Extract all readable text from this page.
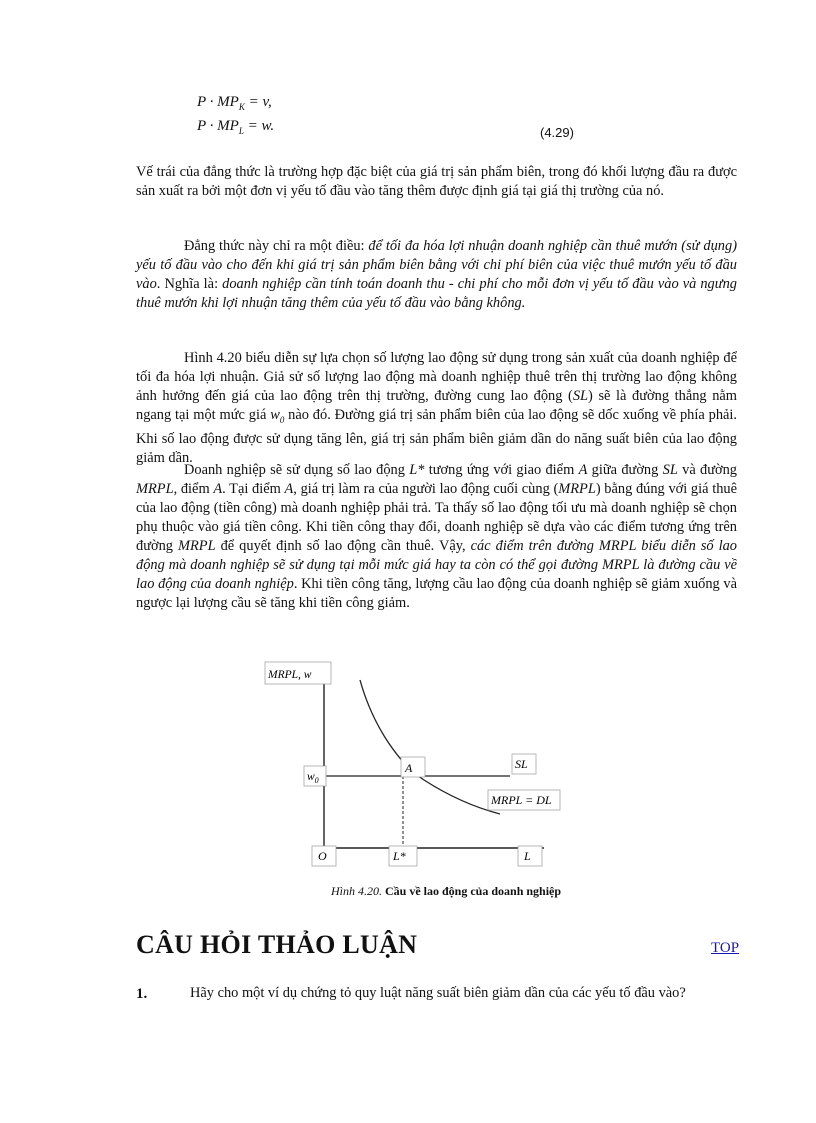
$P \cdot MP_K = v$,
$P \cdot MP_L = w$.	(4.29)

Vế trái của đẳng thức là trường hợp đặc biệt của giá trị sản phẩm biên, trong đó khối lượng đầu ra được sản xuất ra bởi một đơn vị yếu tố đầu vào tăng thêm được định giá tại giá thị trường của nó.

Đẳng thức này chỉ ra một điều: để tối đa hóa lợi nhuận doanh nghiệp cần thuê mướn (sử dụng) yếu tố đầu vào cho đến khi giá trị sản phẩm biên bằng với chi phí biên của việc thuê mướn yếu tố đầu vào. Nghĩa là: doanh nghiệp cần tính toán doanh thu - chi phí cho mỗi đơn vị yếu tố đầu vào và ngưng thuê mướn khi lợi nhuận tăng thêm của yếu tố đầu vào bằng không.

Hình 4.20 biểu diễn sự lựa chọn số lượng lao động sử dụng trong sản xuất của doanh nghiệp để tối đa hóa lợi nhuận. Giả sử số lượng lao động mà doanh nghiệp thuê trên thị trường lao động không ảnh hưởng đến giá của lao động trên thị trường, đường cung lao động (SL) sẽ là đường thẳng nằm ngang tại một mức giá $w_0$ nào đó. Đường giá trị sản phẩm biên của lao động sẽ dốc xuống về phía phải. Khi số lao động được sử dụng tăng lên, giá trị sản phẩm biên giảm dần do năng suất biên của lao động giảm dần.

Doanh nghiệp sẽ sử dụng số lao động L* tương ứng với giao điểm A giữa đường SL và đường MRPL, điểm A. Tại điểm A, giá trị làm ra của người lao động cuối cùng (MRPL) bằng đúng với giá thuê của lao động (tiền công) mà doanh nghiệp phải trả. Ta thấy số lao động tối ưu mà doanh nghiệp sẽ chọn phụ thuộc vào giá tiền công. Khi tiền công thay đổi, doanh nghiệp sẽ dựa vào các điểm tương ứng trên đường MRPL để quyết định số lao động cần thuê. Vậy, các điểm trên đường MRPL biểu diễn số lao động mà doanh nghiệp sẽ sử dụng tại mỗi mức giá hay ta còn có thể gọi đường MRPL là đường cầu về lao động của doanh nghiệp. Khi tiền công tăng, lượng cầu lao động của doanh nghiệp sẽ giảm xuống và ngược lại lượng cầu sẽ tăng khi tiền công giảm.

MRPL, w
$w_0$
A	SL
MRPL = DL
O	L*	L
Hình 4.20. Cầu về lao động của doanh nghiệp
CÂU HỎI THẢO LUẬN	TOP
1.	Hãy cho một ví dụ chứng tỏ quy luật năng suất biên giảm dần của các yếu tố đầu vào?
